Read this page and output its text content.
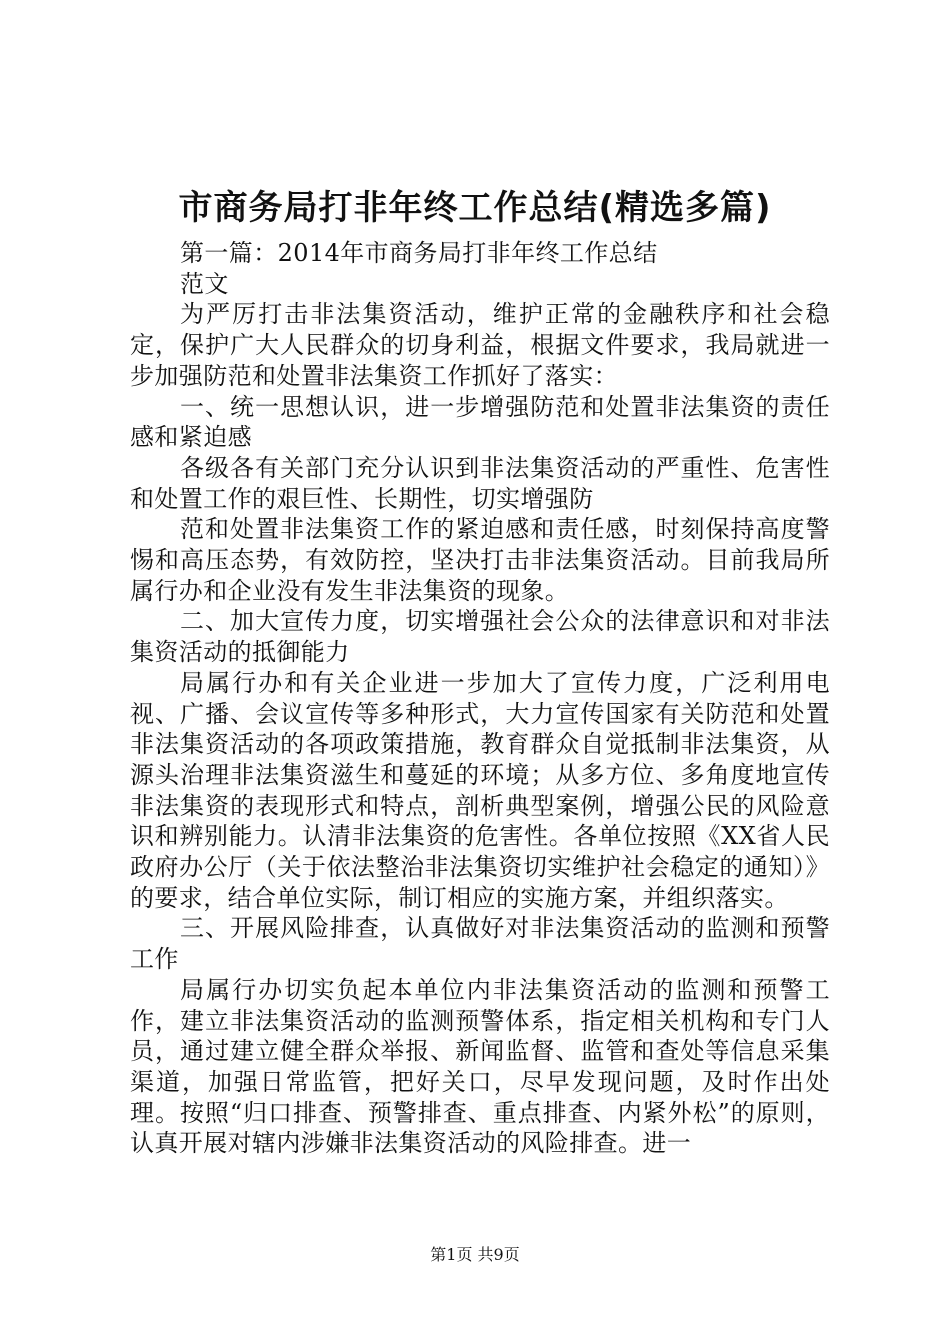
市商务局打非年终工作总结(精选多篇)

第一篇：2014年市商务局打非年终工作总结

范文

为严厉打击非法集资活动，维护正常的金融秩序和社会稳定，保护广大人民群众的切身利益，根据文件要求，我局就进一步加强防范和处置非法集资工作抓好了落实：

一、统一思想认识，进一步增强防范和处置非法集资的责任感和紧迫感

各级各有关部门充分认识到非法集资活动的严重性、危害性和处置工作的艰巨性、长期性，切实增强防

范和处置非法集资工作的紧迫感和责任感，时刻保持高度警惕和高压态势，有效防控，坚决打击非法集资活动。目前我局所属行办和企业没有发生非法集资的现象。

二、加大宣传力度，切实增强社会公众的法律意识和对非法集资活动的抵御能力

局属行办和有关企业进一步加大了宣传力度，广泛利用电视、广播、会议宣传等多种形式，大力宣传国家有关防范和处置非法集资活动的各项政策措施，教育群众自觉抵制非法集资，从源头治理非法集资滋生和蔓延的环境；从多方位、多角度地宣传非法集资的表现形式和特点，剖析典型案例，增强公民的风险意识和辨别能力。认清非法集资的危害性。各单位按照《XX省人民政府办公厅（关于依法整治非法集资切实维护社会稳定的通知）》的要求，结合单位实际，制订相应的实施方案，并组织落实。

三、开展风险排查，认真做好对非法集资活动的监测和预警工作

局属行办切实负起本单位内非法集资活动的监测和预警工作，建立非法集资活动的监测预警体系，指定相关机构和专门人员，通过建立健全群众举报、新闻监督、监管和查处等信息采集渠道，加强日常监管，把好关口，尽早发现问题，及时作出处理。按照“归口排查、预警排查、重点排查、内紧外松”的原则，认真开展对辖内涉嫌非法集资活动的风险排查。进一

第1页 共9页
